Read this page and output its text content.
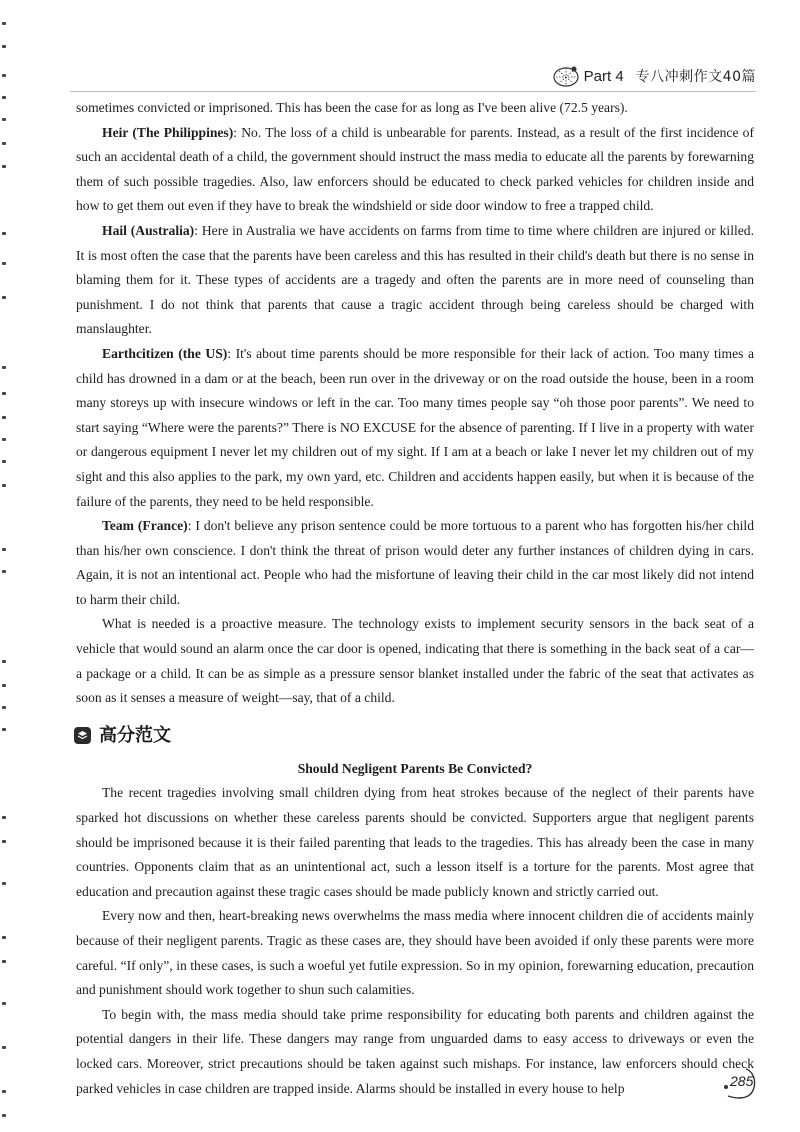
Part 4 专八冲刺作文40篇

sometimes convicted or imprisoned. This has been the case for as long as I've been alive (72.5 years).

Heir (The Philippines): No. The loss of a child is unbearable for parents. Instead, as a result of the first incidence of such an accidental death of a child, the government should instruct the mass media to educate all the parents by forewarning them of such possible tragedies. Also, law enforcers should be educated to check parked vehicles for children inside and how to get them out even if they have to break the windshield or side door window to free a trapped child.

Hail (Australia): Here in Australia we have accidents on farms from time to time where children are injured or killed. It is most often the case that the parents have been careless and this has resulted in their child's death but there is no sense in blaming them for it. These types of accidents are a tragedy and often the parents are in more need of counseling than punishment. I do not think that parents that cause a tragic accident through being careless should be charged with manslaughter.

Earthcitizen (the US): It's about time parents should be more responsible for their lack of action. Too many times a child has drowned in a dam or at the beach, been run over in the driveway or on the road outside the house, been in a room many storeys up with insecure windows or left in the car. Too many times people say “oh those poor parents”. We need to start saying “Where were the parents?” There is NO EXCUSE for the absence of parenting. If I live in a property with water or dangerous equipment I never let my children out of my sight. If I am at a beach or lake I never let my children out of my sight and this also applies to the park, my own yard, etc. Children and accidents happen easily, but when it is because of the failure of the parents, they need to be held responsible.

Team (France): I don't believe any prison sentence could be more tortuous to a parent who has forgotten his/her child than his/her own conscience. I don't think the threat of prison would deter any further instances of children dying in cars. Again, it is not an intentional act. People who had the misfortune of leaving their child in the car most likely did not intend to harm their child.

What is needed is a proactive measure. The technology exists to implement security sensors in the back seat of a vehicle that would sound an alarm once the car door is opened, indicating that there is something in the back seat of a car—a package or a child. It can be as simple as a pressure sensor blanket installed under the fabric of the seat that activates as soon as it senses a measure of weight—say, that of a child.

高分范文

Should Negligent Parents Be Convicted?

The recent tragedies involving small children dying from heat strokes because of the neglect of their parents have sparked hot discussions on whether these careless parents should be convicted. Supporters argue that negligent parents should be imprisoned because it is their failed parenting that leads to the tragedies. This has already been the case in many countries. Opponents claim that as an unintentional act, such a lesson itself is a torture for the parents. Most agree that education and precaution against these tragic cases should be made publicly known and strictly carried out.

Every now and then, heart-breaking news overwhelms the mass media where innocent children die of accidents mainly because of their negligent parents. Tragic as these cases are, they should have been avoided if only these parents were more careful. “If only”, in these cases, is such a woeful yet futile expression. So in my opinion, forewarning education, precaution and punishment should work together to shun such calamities.

To begin with, the mass media should take prime responsibility for educating both parents and children against the potential dangers in their life. These dangers may range from unguarded dams to easy access to driveways or even the locked cars. Moreover, strict precautions should be taken against such mishaps. For instance, law enforcers should check parked vehicles in case children are trapped inside. Alarms should be installed in every house to help	285
